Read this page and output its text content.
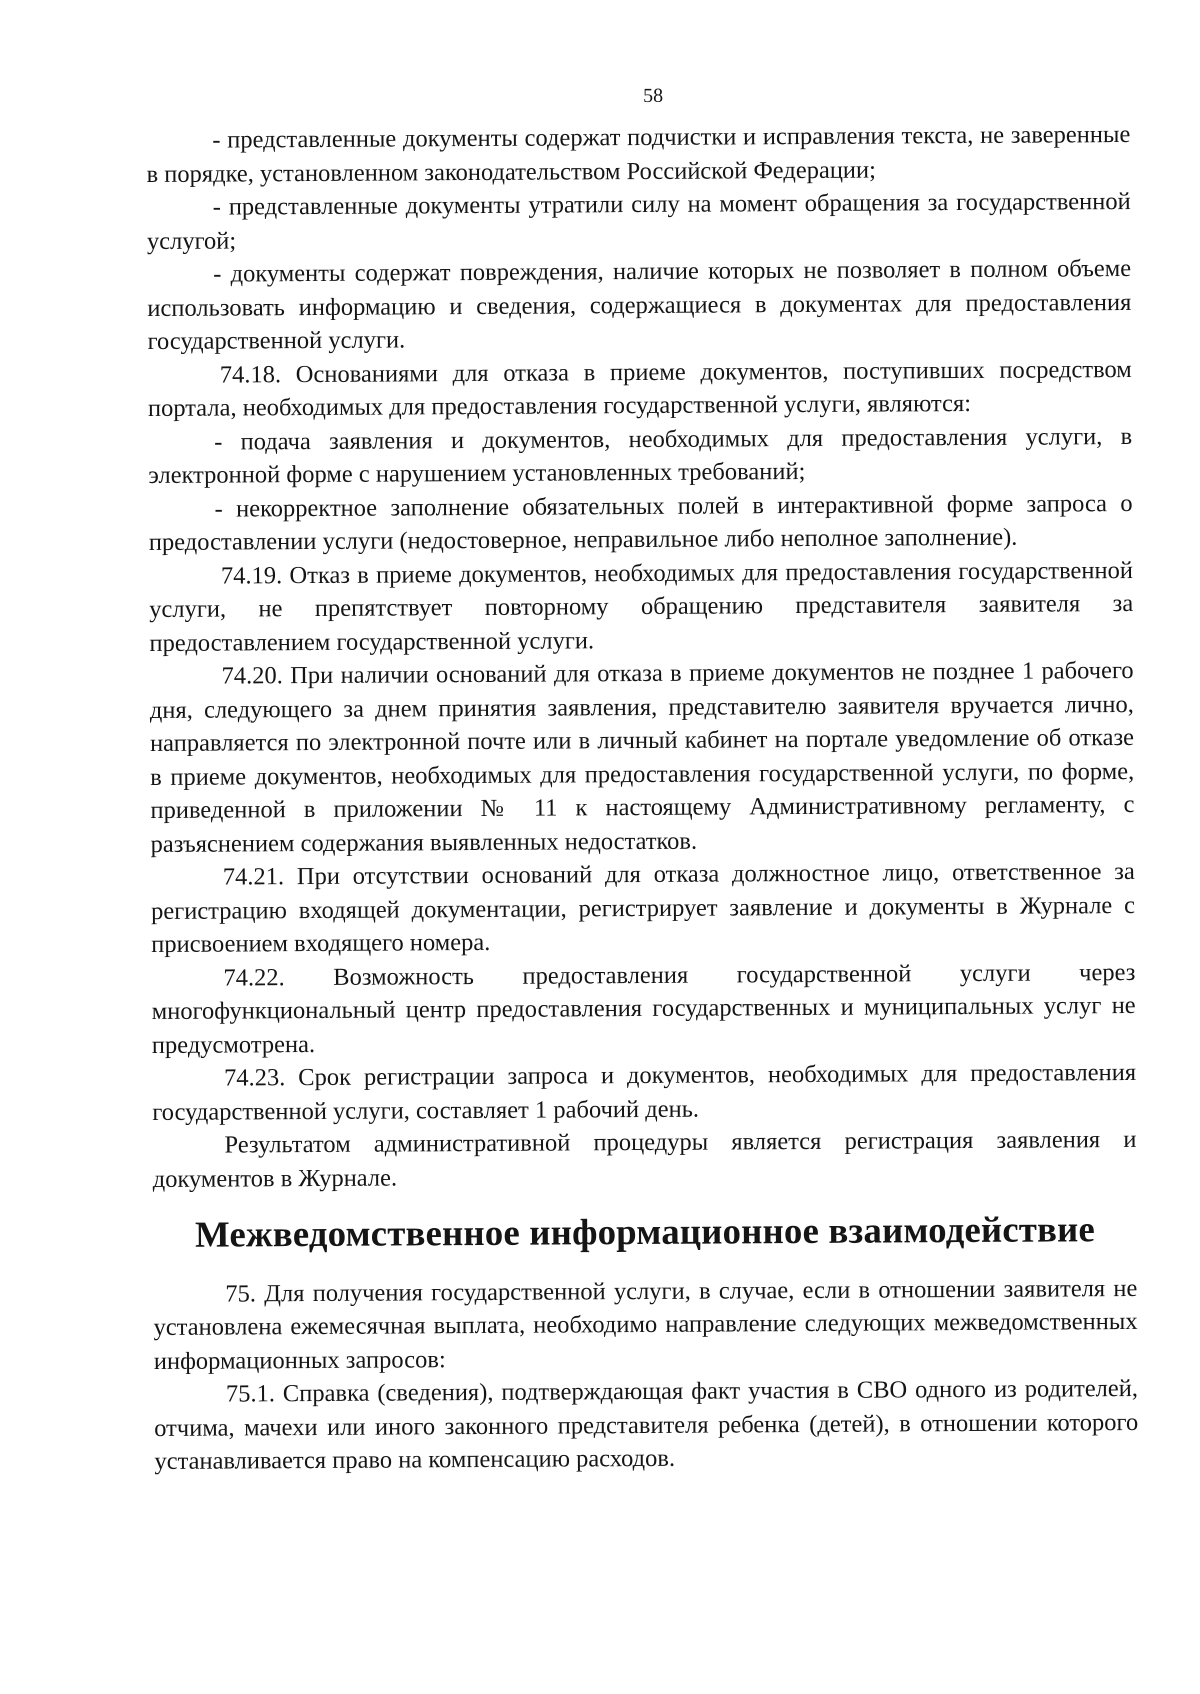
58

- представленные документы содержат подчистки и исправления текста, не заверенные в порядке, установленном законодательством Российской Федерации;

- представленные документы утратили силу на момент обращения за государственной услугой;

- документы содержат повреждения, наличие которых не позволяет в полном объеме использовать информацию и сведения, содержащиеся в документах для предоставления государственной услуги.

74.18. Основаниями для отказа в приеме документов, поступивших посредством портала, необходимых для предоставления государственной услуги, являются:

- подача заявления и документов, необходимых для предоставления услуги, в электронной форме с нарушением установленных требований;

- некорректное заполнение обязательных полей в интерактивной форме запроса о предоставлении услуги (недостоверное, неправильное либо неполное заполнение).

74.19. Отказ в приеме документов, необходимых для предоставления государственной услуги, не препятствует повторному обращению представителя заявителя за предоставлением государственной услуги.

74.20. При наличии оснований для отказа в приеме документов не позднее 1 рабочего дня, следующего за днем принятия заявления, представителю заявителя вручается лично, направляется по электронной почте или в личный кабинет на портале уведомление об отказе в приеме документов, необходимых для предоставления государственной услуги, по форме, приведенной в приложении № 11 к настоящему Административному регламенту, с разъяснением содержания выявленных недостатков.

74.21. При отсутствии оснований для отказа должностное лицо, ответственное за регистрацию входящей документации, регистрирует заявление и документы в Журнале с присвоением входящего номера.

74.22. Возможность предоставления государственной услуги через многофункциональный центр предоставления государственных и муниципальных услуг не предусмотрена.

74.23. Срок регистрации запроса и документов, необходимых для предоставления государственной услуги, составляет 1 рабочий день.

Результатом административной процедуры является регистрация заявления и документов в Журнале.

Межведомственное информационное взаимодействие

75. Для получения государственной услуги, в случае, если в отношении заявителя не установлена ежемесячная выплата, необходимо направление следующих межведомственных информационных запросов:

75.1. Справка (сведения), подтверждающая факт участия в СВО одного из родителей, отчима, мачехи или иного законного представителя ребенка (детей), в отношении которого устанавливается право на компенсацию расходов.
